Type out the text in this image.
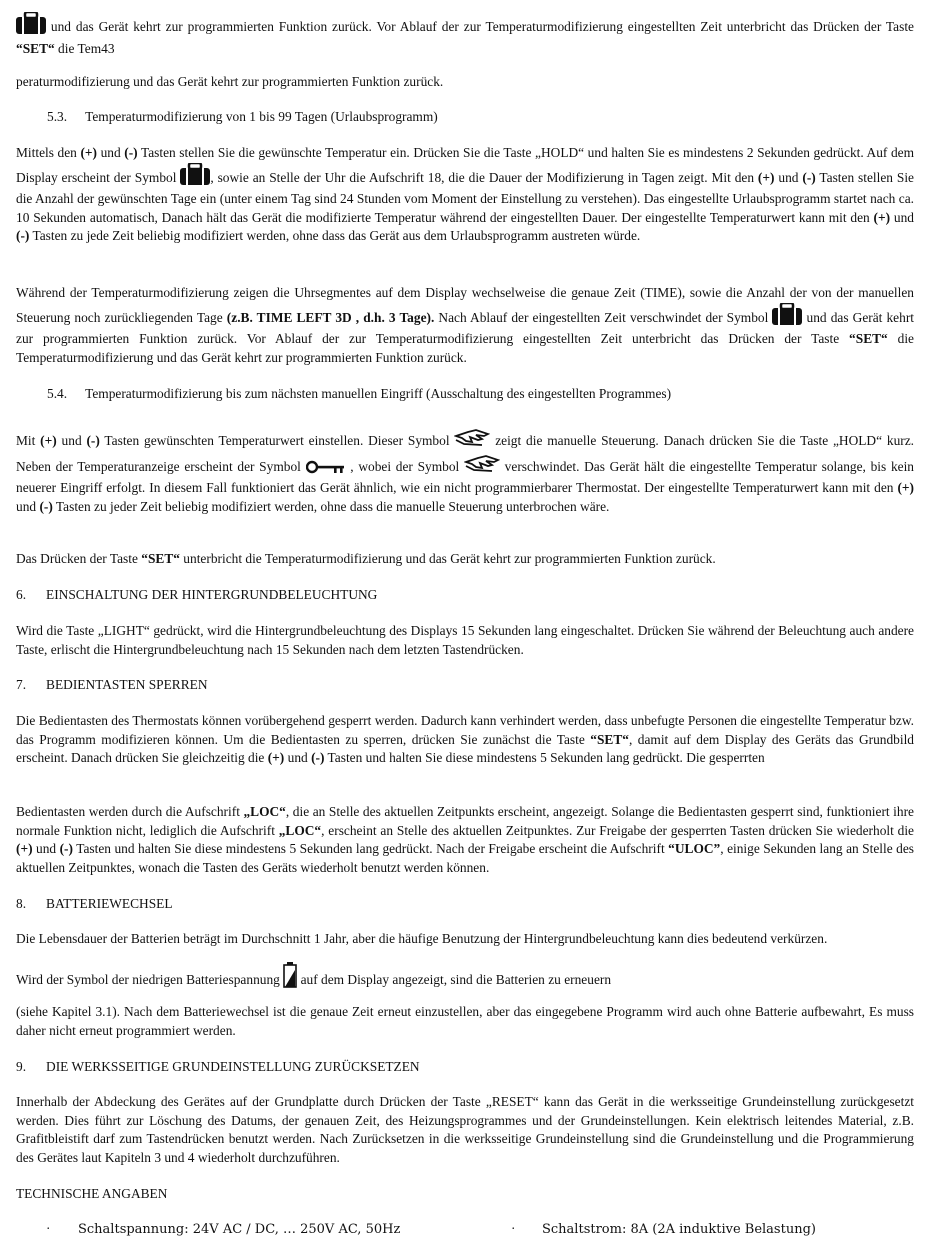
und das Gerät kehrt zur programmierten Funktion zurück. Vor Ablauf der zur Temperaturmodifizierung eingestellten Zeit unterbricht das Drücken der Taste “SET“ die Tem43

peraturmodifizierung und das Gerät kehrt zur programmierten Funktion zurück.

5.3. Temperaturmodifizierung von 1 bis 99 Tagen (Urlaubsprogramm)

Mittels den (+) und (-) Tasten stellen Sie die gewünschte Temperatur ein. Drücken Sie die Taste „HOLD“ und halten Sie es mindestens 2 Sekunden gedrückt. Auf dem Display erscheint der Symbol , sowie an Stelle der Uhr die Aufschrift 18, die die Dauer der Modifizierung in Tagen zeigt. Mit den (+) und (-) Tasten stellen Sie die Anzahl der gewünschten Tage ein (unter einem Tag sind 24 Stunden vom Moment der Einstellung zu verstehen). Das eingestellte Urlaubsprogramm startet nach ca. 10 Sekunden automatisch, Danach hält das Gerät die modifizierte Temperatur während der eingestellten Dauer. Der eingestellte Temperaturwert kann mit den (+) und (-) Tasten zu jede Zeit beliebig modifiziert werden, ohne dass das Gerät aus dem Urlaubsprogramm austreten würde.

Während der Temperaturmodifizierung zeigen die Uhrsegmentes auf dem Display wechselweise die genaue Zeit (TIME), sowie die Anzahl der von der manuellen Steuerung noch zurückliegenden Tage (z.B. TIME LEFT 3D , d.h. 3 Tage). Nach Ablauf der eingestellten Zeit verschwindet der Symbol  und das Gerät kehrt zur programmierten Funktion zurück. Vor Ablauf der zur Temperaturmodifizierung eingestellten Zeit unterbricht das Drücken der Taste “SET“ die Temperaturmodifizierung und das Gerät kehrt zur programmierten Funktion zurück.

5.4. Temperaturmodifizierung bis zum nächsten manuellen Eingriff (Ausschaltung des eingestellten Programmes)

Mit (+) und (-) Tasten gewünschten Temperaturwert einstellen. Dieser Symbol	zeigt die manuelle Steuerung. Danach drücken Sie die Taste „HOLD“ kurz. Neben der Temperaturanzeige erscheint der Symbol	, wobei der Symbol	verschwindet. Das Gerät hält die eingestellte Temperatur solange, bis kein neuerer Eingriff erfolgt. In diesem Fall funktioniert das Gerät ähnlich, wie ein nicht programmierbarer Thermostat. Der eingestellte Temperaturwert kann mit den (+) und (-) Tasten zu jeder Zeit beliebig modifiziert werden, ohne dass die manuelle Steuerung unterbrochen wäre.

Das Drücken der Taste “SET“ unterbricht die Temperaturmodifizierung und das Gerät kehrt zur programmierten Funktion zurück.

6. EINSCHALTUNG DER HINTERGRUNDBELEUCHTUNG

Wird die Taste „LIGHT“ gedrückt, wird die Hintergrundbeleuchtung des Displays 15 Sekunden lang eingeschaltet. Drücken Sie während der Beleuchtung auch andere Taste, erlischt die Hintergrundbeleuchtung nach 15 Sekunden nach dem letzten Tastendrücken.

7. BEDIENTASTEN SPERREN

Die Bedientasten des Thermostats können vorübergehend gesperrt werden. Dadurch kann verhindert werden, dass unbefugte Personen die eingestellte Temperatur bzw. das Programm modifizieren können. Um die Bedientasten zu sperren, drücken Sie zunächst die Taste “SET“, damit auf dem Display des Geräts das Grundbild erscheint. Danach drücken Sie gleichzeitig die (+) und (-) Tasten und halten Sie diese mindestens 5 Sekunden lang gedrückt. Die gesperrten

Bedientasten werden durch die Aufschrift „LOC“, die an Stelle des aktuellen Zeitpunkts erscheint, angezeigt. Solange die Bedientasten gesperrt sind, funktioniert ihre normale Funktion nicht, lediglich die Aufschrift „LOC“, erscheint an Stelle des aktuellen Zeitpunktes. Zur Freigabe der gesperrten Tasten drücken Sie wiederholt die (+) und (-) Tasten und halten Sie diese mindestens 5 Sekunden lang gedrückt. Nach der Freigabe erscheint die Aufschrift “ULOC”, einige Sekunden lang an Stelle des aktuellen Zeitpunktes, wonach die Tasten des Geräts wiederholt benutzt werden können.

8. BATTERIEWECHSEL

Die Lebensdauer der Batterien beträgt im Durchschnitt 1 Jahr, aber die häufige Benutzung der Hintergrundbeleuchtung kann dies bedeutend verkürzen.

Wird der Symbol der niedrigen Batteriespannung  auf dem Display angezeigt, sind die Batterien zu erneuern

(siehe Kapitel 3.1). Nach dem Batteriewechsel ist die genaue Zeit erneut einzustellen, aber das eingegebene Programm wird auch ohne Batterie aufbewahrt, Es muss daher nicht erneut programmiert werden.

9. DIE WERKSSEITIGE GRUNDEINSTELLUNG ZURÜCKSETZEN

Innerhalb der Abdeckung des Gerätes auf der Grundplatte durch Drücken der Taste „RESET“ kann das Gerät in die werksseitige Grundeinstellung zurückgesetzt werden. Dies führt zur Löschung des Datums, der genauen Zeit, des Heizungsprogrammes und der Grundeinstellungen. Kein elektrisch leitendes Material, z.B. Grafitbleistift darf zum Tastendrücken benutzt werden. Nach Zurücksetzen in die werksseitige Grundeinstellung sind die Grundeinstellung und die Programmierung des Gerätes laut Kapiteln 3 und 4 wiederholt durchzuführen.

TECHNISCHE ANGABEN
· Schaltspannung: 24V AC / DC, … 250V AC, 50Hz	· Schaltstrom: 8A (2A induktive Belastung)
